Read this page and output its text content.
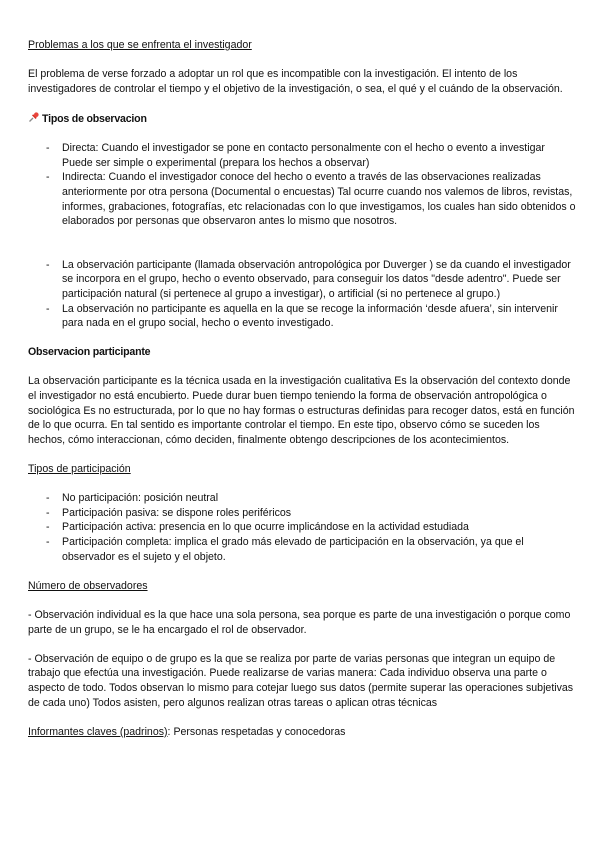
Problemas a los que se enfrenta el investigador

El problema de verse forzado a adoptar un rol que es incompatible con la investigación. El intento de los investigadores de controlar el tiempo y el objetivo de la investigación, o sea, el qué y el cuándo de la observación.

Tipos de observacion
- Directa: Cuando el investigador se pone en contacto personalmente con el hecho o evento a investigar Puede ser simple o experimental (prepara los hechos a observar)
- Indirecta: Cuando el investigador conoce del hecho o evento a través de las observaciones realizadas anteriormente por otra persona (Documental o encuestas) Tal ocurre cuando nos valemos de libros, revistas, informes, grabaciones, fotografías, etc relacionadas con lo que investigamos, los cuales han sido obtenidos o elaborados por personas que observaron antes lo mismo que nosotros.
- La observación participante (llamada observación antropológica por Duverger ) se da cuando el investigador se incorpora en el grupo, hecho o evento observado, para conseguir los datos "desde adentro". Puede ser participación natural (si pertenece al grupo a investigar), o artificial (si no pertenece al grupo.)
- La observación no participante es aquella en la que se recoge la información ‘desde afuera’, sin intervenir para nada en el grupo social, hecho o evento investigado.

Observacion participante

La observación participante es la técnica usada en la investigación cualitativa Es la observación del contexto donde el investigador no está encubierto. Puede durar buen tiempo teniendo la forma de observación antropológica o sociológica Es no estructurada, por lo que no hay formas o estructuras definidas para recoger datos, está en función de lo que ocurra. En tal sentido es importante controlar el tiempo. En este tipo, observo cómo se suceden los hechos, cómo interaccionan, cómo deciden, finalmente obtengo descripciones de los acontecimientos.

Tipos de participación

- No participación: posición neutral
- Participación pasiva: se dispone roles periféricos
- Participación activa: presencia en lo que ocurre implicándose en la actividad estudiada
- Participación completa: implica el grado más elevado de participación en la observación, ya que el observador es el sujeto y el objeto.

Número de observadores

- Observación individual es la que hace una sola persona, sea porque es parte de una investigación o porque como parte de un grupo, se le ha encargado el rol de observador.

- Observación de equipo o de grupo es la que se realiza por parte de varias personas que integran un equipo de trabajo que efectúa una investigación. Puede realizarse de varias manera: Cada individuo observa una parte o aspecto de todo. Todos observan lo mismo para cotejar luego sus datos (permite superar las operaciones subjetivas de cada uno) Todos asisten, pero algunos realizan otras tareas o aplican otras técnicas

Informantes claves (padrinos): Personas respetadas y conocedoras
